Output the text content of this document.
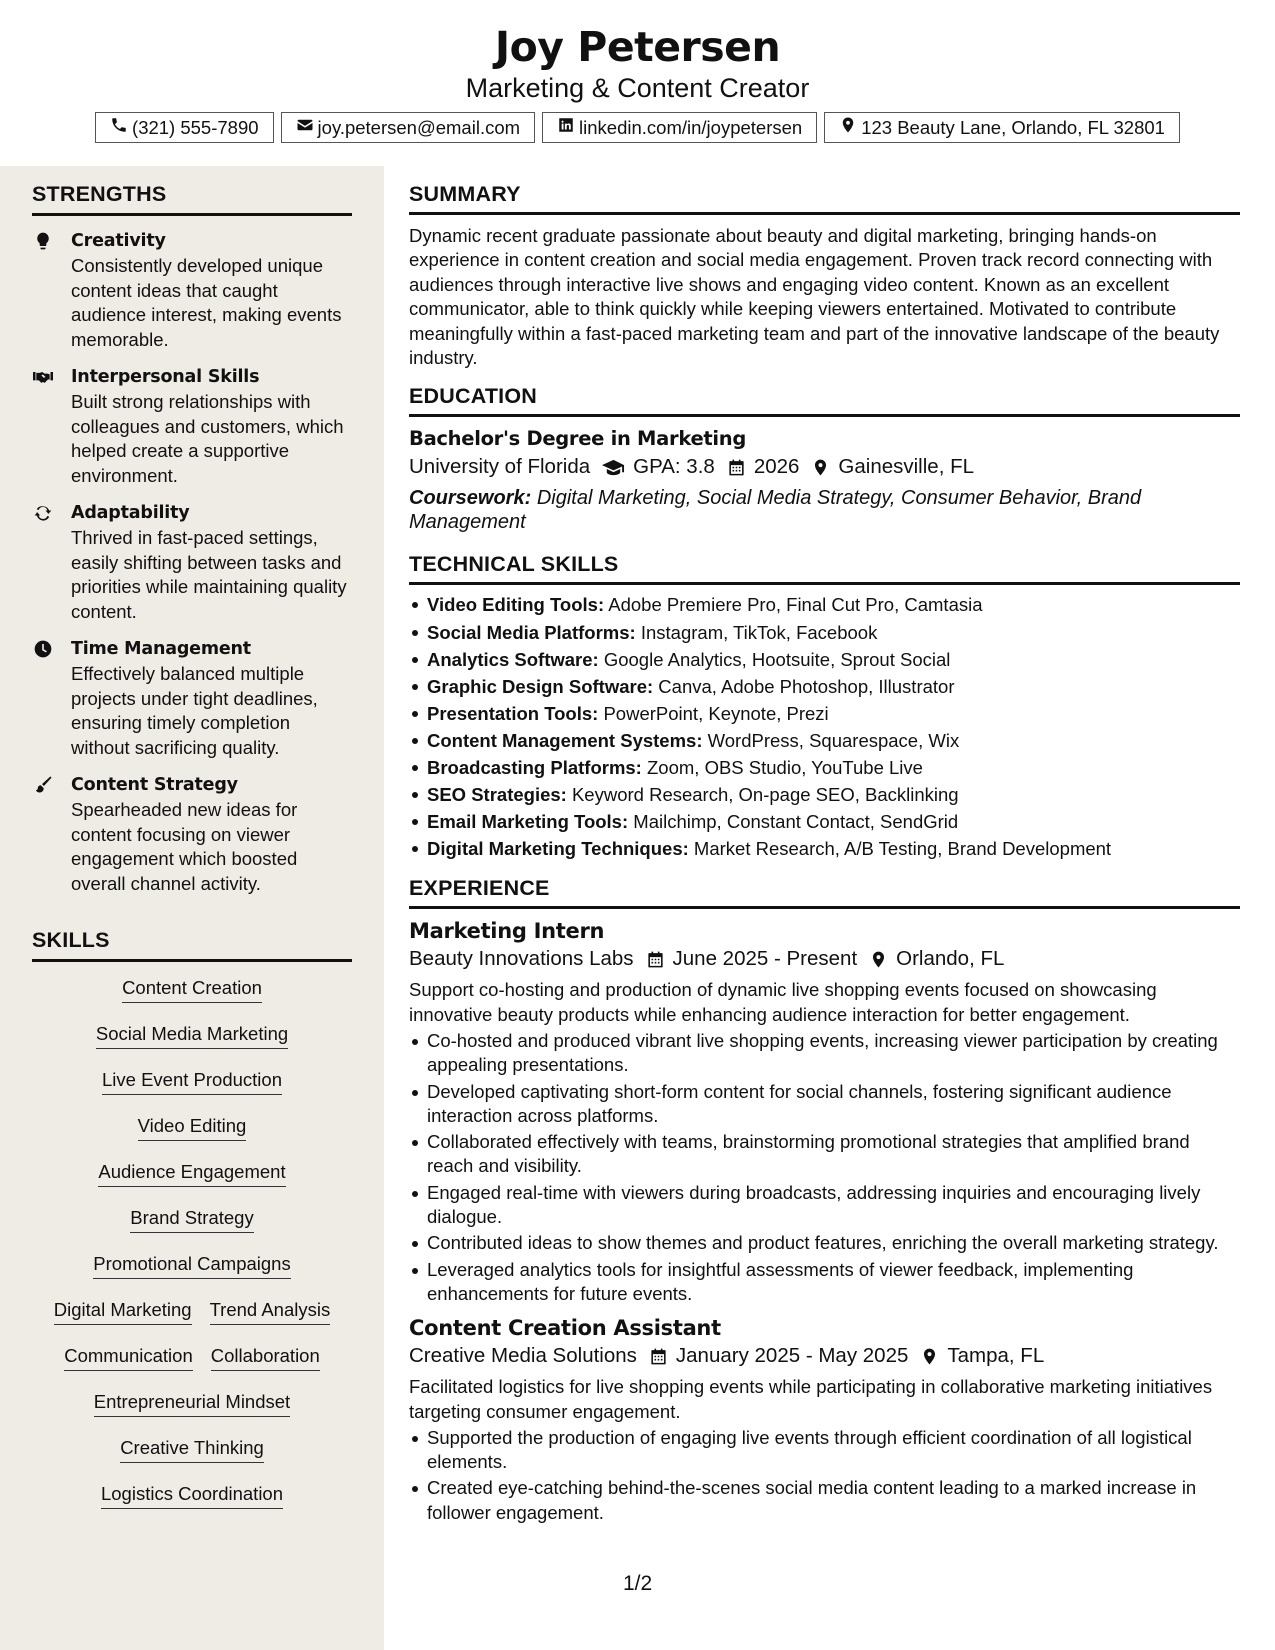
Joy Petersen
Marketing & Content Creator
(321) 555-7890	joy.petersen@email.com	linkedin.com/in/joypetersen	123 Beauty Lane, Orlando, FL 32801
STRENGTHS
Creativity
Consistently developed unique content ideas that caught audience interest, making events memorable.
Interpersonal Skills
Built strong relationships with colleagues and customers, which helped create a supportive environment.
Adaptability
Thrived in fast-paced settings, easily shifting between tasks and priorities while maintaining quality content.
Time Management
Effectively balanced multiple projects under tight deadlines, ensuring timely completion without sacrificing quality.
Content Strategy
Spearheaded new ideas for content focusing on viewer engagement which boosted overall channel activity.
SKILLS
Content Creation
Social Media Marketing
Live Event Production
Video Editing
Audience Engagement
Brand Strategy
Promotional Campaigns
Digital Marketing Trend Analysis
Communication Collaboration
Entrepreneurial Mindset
Creative Thinking
Logistics Coordination
SUMMARY
Dynamic recent graduate passionate about beauty and digital marketing, bringing hands-on experience in content creation and social media engagement. Proven track record connecting with audiences through interactive live shows and engaging video content. Known as an excellent communicator, able to think quickly while keeping viewers entertained. Motivated to contribute meaningfully within a fast-paced marketing team and part of the innovative landscape of the beauty industry.
EDUCATION
Bachelor's Degree in Marketing
University of Florida GPA: 3.8 2026 Gainesville, FL
Coursework: Digital Marketing, Social Media Strategy, Consumer Behavior, Brand Management
TECHNICAL SKILLS
Video Editing Tools: Adobe Premiere Pro, Final Cut Pro, Camtasia
Social Media Platforms: Instagram, TikTok, Facebook
Analytics Software: Google Analytics, Hootsuite, Sprout Social
Graphic Design Software: Canva, Adobe Photoshop, Illustrator
Presentation Tools: PowerPoint, Keynote, Prezi
Content Management Systems: WordPress, Squarespace, Wix
Broadcasting Platforms: Zoom, OBS Studio, YouTube Live
SEO Strategies: Keyword Research, On-page SEO, Backlinking
Email Marketing Tools: Mailchimp, Constant Contact, SendGrid
Digital Marketing Techniques: Market Research, A/B Testing, Brand Development
EXPERIENCE
Marketing Intern
Beauty Innovations Labs June 2025 - Present Orlando, FL
Support co-hosting and production of dynamic live shopping events focused on showcasing innovative beauty products while enhancing audience interaction for better engagement.
Co-hosted and produced vibrant live shopping events, increasing viewer participation by creating appealing presentations.
Developed captivating short-form content for social channels, fostering significant audience interaction across platforms.
Collaborated effectively with teams, brainstorming promotional strategies that amplified brand reach and visibility.
Engaged real-time with viewers during broadcasts, addressing inquiries and encouraging lively dialogue.
Contributed ideas to show themes and product features, enriching the overall marketing strategy.
Leveraged analytics tools for insightful assessments of viewer feedback, implementing enhancements for future events.
Content Creation Assistant
Creative Media Solutions January 2025 - May 2025 Tampa, FL
Facilitated logistics for live shopping events while participating in collaborative marketing initiatives targeting consumer engagement.
Supported the production of engaging live events through efficient coordination of all logistical elements.
Created eye-catching behind-the-scenes social media content leading to a marked increase in follower engagement.
1/2
